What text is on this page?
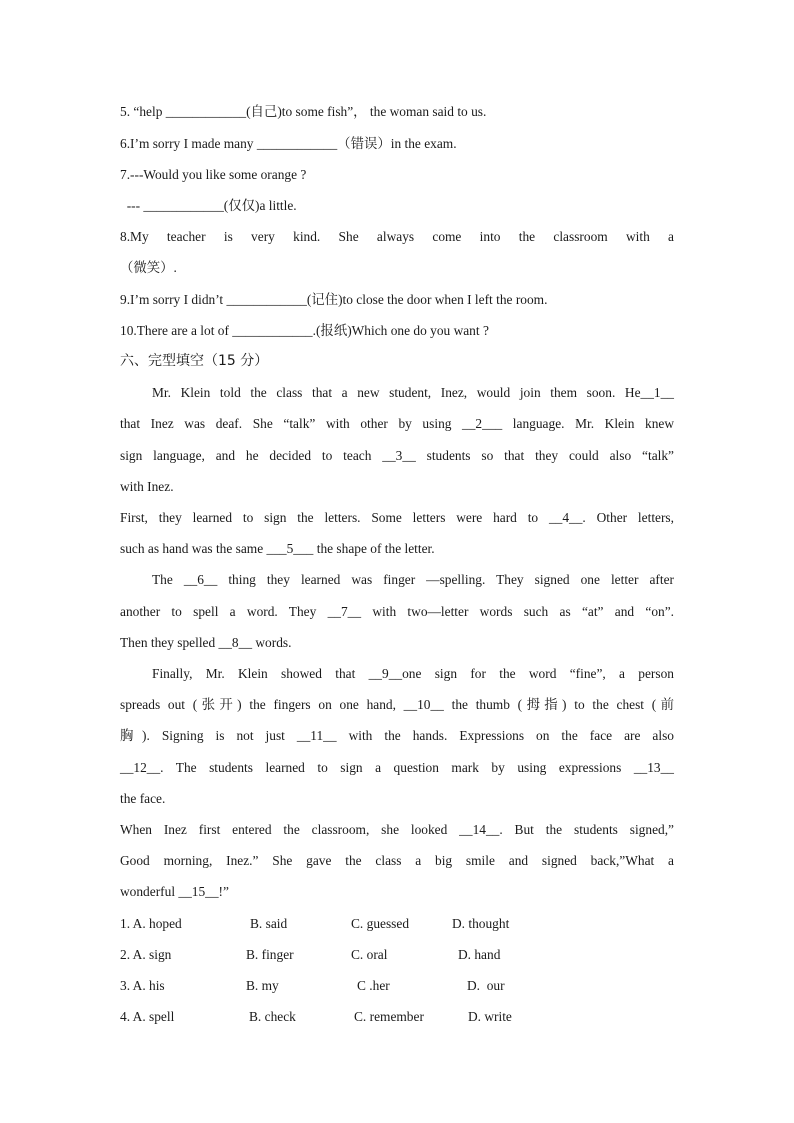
5. “help ____________(自己)to some fish”， the woman said to us.
6.I’m sorry I made many ____________（错误）in the exam.
7.---Would you like some orange ?
--- ____________(仅仅)a little.
8.My teacher is very kind. She always come into the classroom with a
（微笑）.
9.I’m sorry I didn’t ____________(记住)to close the door when I left the room.
10.There are a lot of ____________.(报纸)Which one do you want ?
六、完型填空（15 分）
Mr. Klein told the class that a new student, Inez, would join them soon. He__1__
that Inez was deaf. She “talk” with other by using __2___ language. Mr. Klein knew
sign language, and he decided to teach __3__ students so that they could also “talk”
with Inez.
First, they learned to sign the letters. Some letters were hard to __4__. Other letters,
such as hand was the same ___5___ the shape of the letter.
The __6__ thing they learned was finger —spelling. They signed one letter after
another to spell a word. They __7__ with two—letter words such as “at” and “on”.
Then they spelled __8__ words.
Finally, Mr. Klein showed that __9__one sign for the word “fine”, a person
spreads out (张开) the fingers on one hand, __10__ the thumb (拇指) to the chest (前
胸). Signing is not just __11__ with the hands. Expressions on the face are also
__12__. The students learned to sign a question mark by using expressions __13__
the face.
When Inez first entered the classroom, she looked __14__. But the students signed,”
Good morning, Inez.” She gave the class a big smile and signed back,”What a
wonderful __15__!”
1. A. hoped	B. said	C. guessed	D. thought
2. A. sign	B. finger	C. oral	D. hand
3. A. his	B. my	C .her	D.  our
4. A. spell	B. check	C. remember	D. write
